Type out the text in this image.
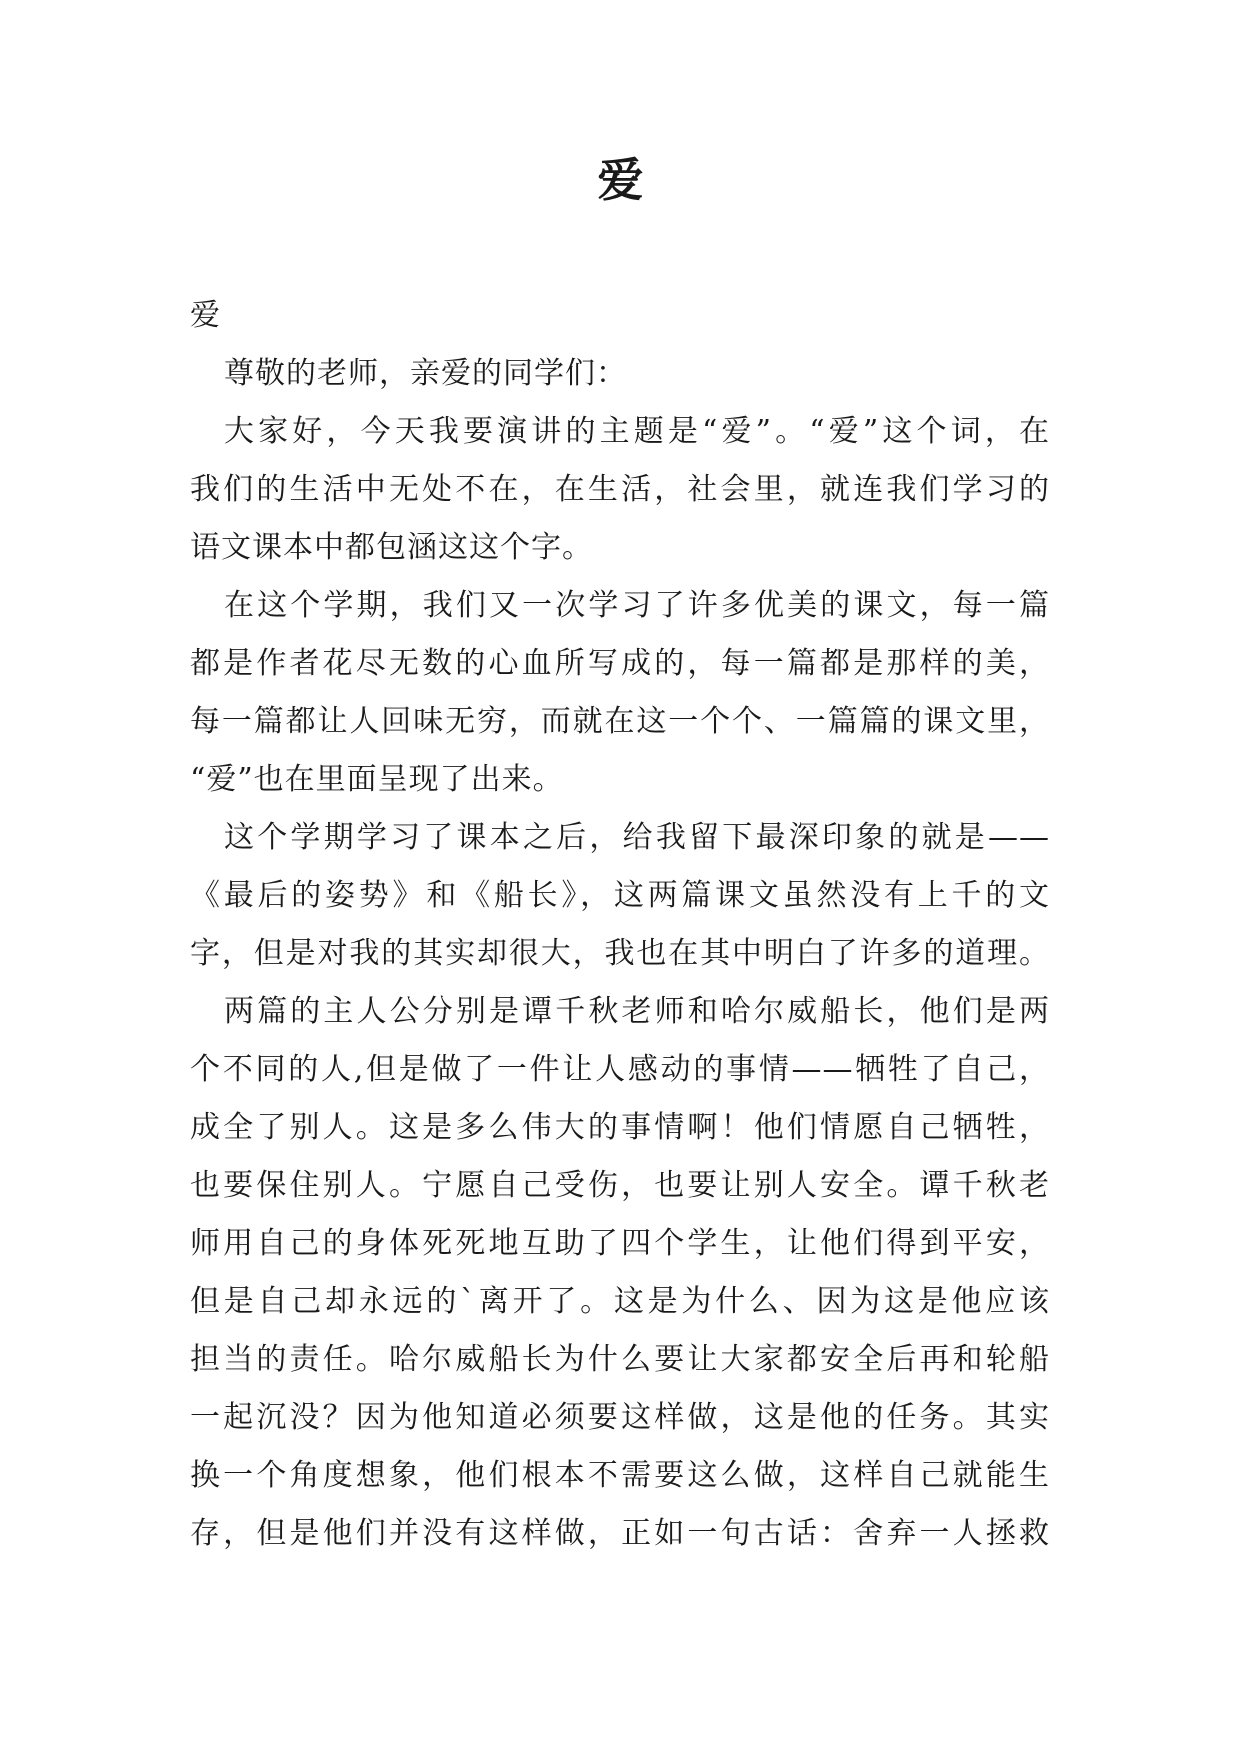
爱
爱
尊敬的老师，亲爱的同学们：
大家好，今天我要演讲的主题是“爱”。“爱”这个词，在
我们的生活中无处不在，在生活，社会里，就连我们学习的
语文课本中都包涵这这个字。
在这个学期，我们又一次学习了许多优美的课文，每一篇
都是作者花尽无数的心血所写成的，每一篇都是那样的美，
每一篇都让人回味无穷，而就在这一个个、一篇篇的课文里，
“爱”也在里面呈现了出来。
这个学期学习了课本之后，给我留下最深印象的就是——
《最后的姿势》和《船长》，这两篇课文虽然没有上千的文
字，但是对我的其实却很大，我也在其中明白了许多的道理。
两篇的主人公分别是谭千秋老师和哈尔威船长，他们是两
个不同的人,但是做了一件让人感动的事情——牺牲了自己，
成全了别人。这是多么伟大的事情啊！他们情愿自己牺牲，
也要保住别人。宁愿自己受伤，也要让别人安全。谭千秋老
师用自己的身体死死地互助了四个学生，让他们得到平安，
但是自己却永远的`离开了。这是为什么、因为这是他应该
担当的责任。哈尔威船长为什么要让大家都安全后再和轮船
一起沉没？因为他知道必须要这样做，这是他的任务。其实
换一个角度想象，他们根本不需要这么做，这样自己就能生
存，但是他们并没有这样做，正如一句古话：舍弃一人拯救
